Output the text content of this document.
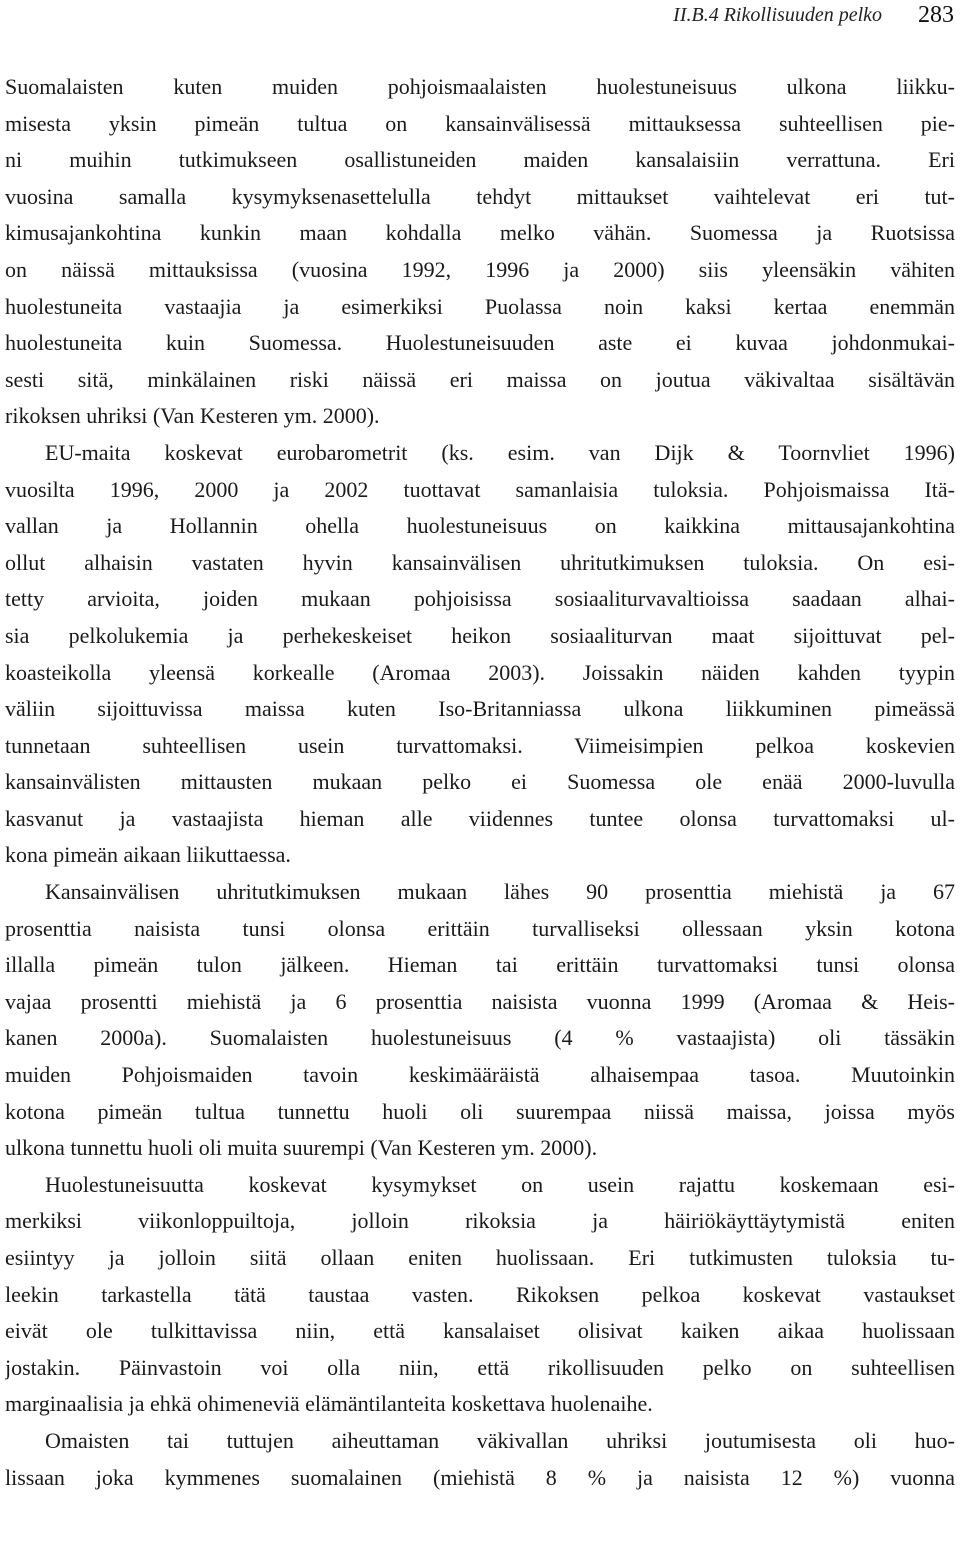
II.B.4 Rikollisuuden pelko 283
Suomalaisten kuten muiden pohjoismaalaisten huolestuneisuus ulkona liikku-
misesta yksin pimeän tultua on kansainvälisessä mittauksessa suhteellisen pie-
ni muihin tutkimukseen osallistuneiden maiden kansalaisiin verrattuna. Eri
vuosina samalla kysymyksenasettelulla tehdyt mittaukset vaihtelevat eri tut-
kimusajankohtina kunkin maan kohdalla melko vähän. Suomessa ja Ruotsissa
on näissä mittauksissa (vuosina 1992, 1996 ja 2000) siis yleensäkin vähiten
huolestuneita vastaajia ja esimerkiksi Puolassa noin kaksi kertaa enemmän
huolestuneita kuin Suomessa. Huolestuneisuuden aste ei kuvaa johdonmukai-
sesti sitä, minkälainen riski näissä eri maissa on joutua väkivaltaa sisältävän
rikoksen uhriksi (Van Kesteren ym. 2000).
EU-maita koskevat eurobarometrit (ks. esim. van Dijk & Toornvliet 1996)
vuosilta 1996, 2000 ja 2002 tuottavat samanlaisia tuloksia. Pohjoismaissa Itä-
vallan ja Hollannin ohella huolestuneisuus on kaikkina mittausajankohtina
ollut alhaisin vastaten hyvin kansainvälisen uhritutkimuksen tuloksia. On esi-
tetty arvioita, joiden mukaan pohjoisissa sosiaaliturvavaltioissa saadaan alhai-
sia pelkolukemia ja perhekeskeiset heikon sosiaaliturvan maat sijoittuvat pel-
koasteikolla yleensä korkealle (Aromaa 2003). Joissakin näiden kahden tyypin
väliin sijoittuvissa maissa kuten Iso-Britanniassa ulkona liikkuminen pimeässä
tunnetaan suhteellisen usein turvattomaksi. Viimeisimpien pelkoa koskevien
kansainvälisten mittausten mukaan pelko ei Suomessa ole enää 2000-luvulla
kasvanut ja vastaajista hieman alle viidennes tuntee olonsa turvattomaksi ul-
kona pimeän aikaan liikuttaessa.
Kansainvälisen uhritutkimuksen mukaan lähes 90 prosenttia miehistä ja 67
prosenttia naisista tunsi olonsa erittäin turvalliseksi ollessaan yksin kotona
illalla pimeän tulon jälkeen. Hieman tai erittäin turvattomaksi tunsi olonsa
vajaa prosentti miehistä ja 6 prosenttia naisista vuonna 1999 (Aromaa & Heis-
kanen 2000a). Suomalaisten huolestuneisuus (4 % vastaajista) oli tässäkin
muiden Pohjoismaiden tavoin keskimääräistä alhaisempaa tasoa. Muutoinkin
kotona pimeän tultua tunnettu huoli oli suurempaa niissä maissa, joissa myös
ulkona tunnettu huoli oli muita suurempi (Van Kesteren ym. 2000).
Huolestuneisuutta koskevat kysymykset on usein rajattu koskemaan esi-
merkiksi viikonloppuiltoja, jolloin rikoksia ja häiriökäyttäytymistä eniten
esiintyy ja jolloin siitä ollaan eniten huolissaan. Eri tutkimusten tuloksia tu-
leekin tarkastella tätä taustaa vasten. Rikoksen pelkoa koskevat vastaukset
eivät ole tulkittavissa niin, että kansalaiset olisivat kaiken aikaa huolissaan
jostakin. Päinvastoin voi olla niin, että rikollisuuden pelko on suhteellisen
marginaalisia ja ehkä ohimeneviä elämäntilanteita koskettava huolenaihe.
Omaisten tai tuttujen aiheuttaman väkivallan uhriksi joutumisesta oli huo-
lissaan joka kymmenes suomalainen (miehistä 8 % ja naisista 12 %) vuonna
